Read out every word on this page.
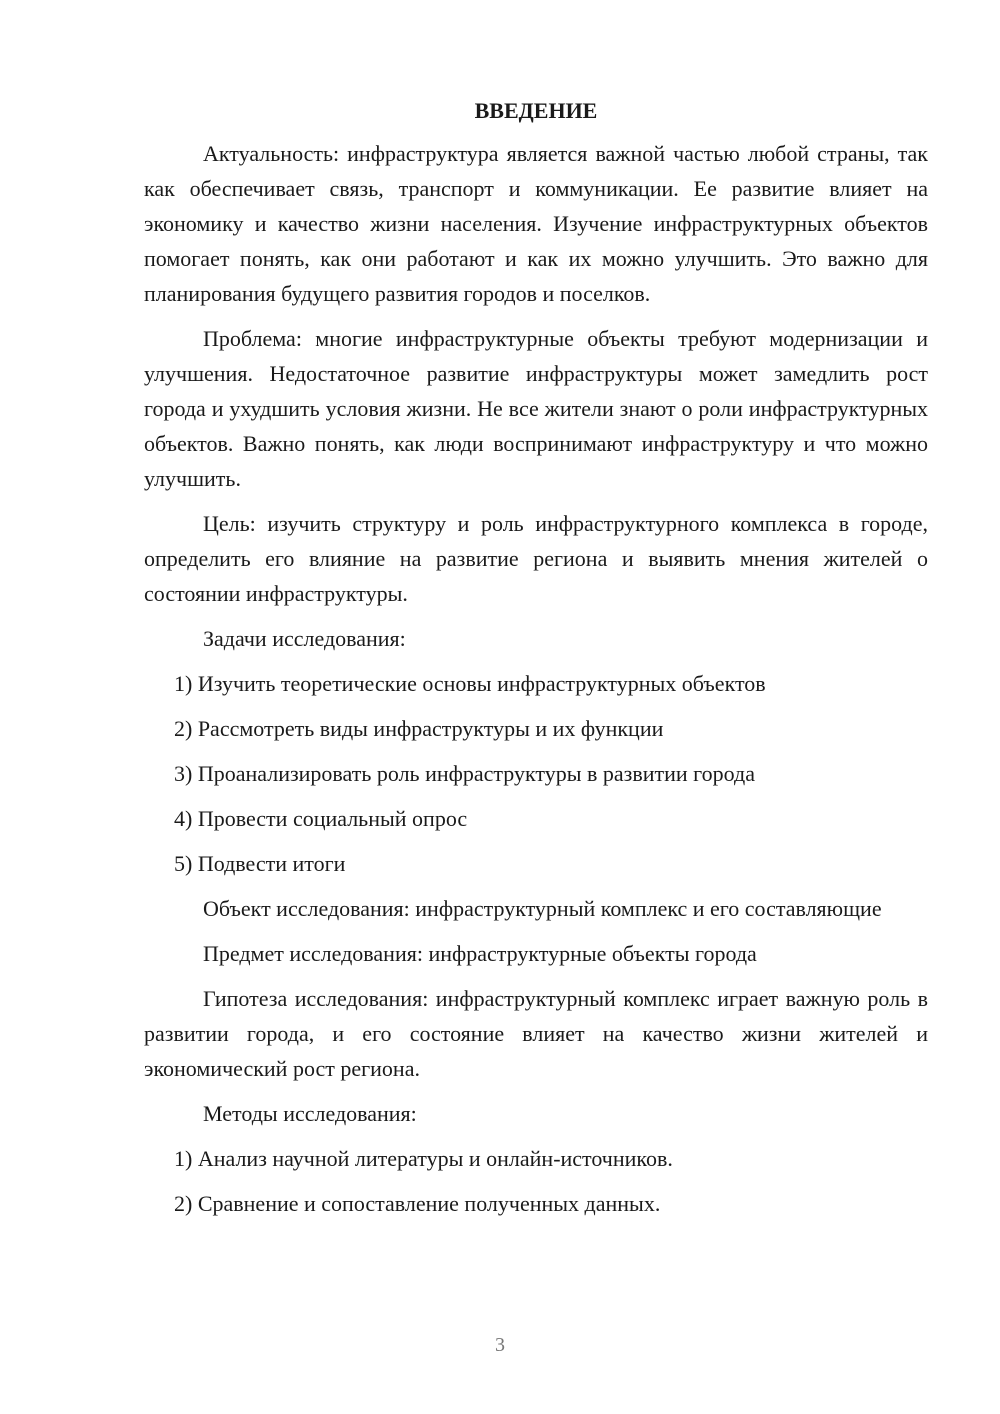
ВВЕДЕНИЕ

Актуальность: инфраструктура является важной частью любой страны, так как обеспечивает связь, транспорт и коммуникации. Ее развитие влияет на экономику и качество жизни населения. Изучение инфраструктурных объектов помогает понять, как они работают и как их можно улучшить. Это важно для планирования будущего развития городов и поселков.

Проблема: многие инфраструктурные объекты требуют модернизации и улучшения. Недостаточное развитие инфраструктуры может замедлить рост города и ухудшить условия жизни. Не все жители знают о роли инфраструктурных объектов. Важно понять, как люди воспринимают инфраструктуру и что можно улучшить.

Цель: изучить структуру и роль инфраструктурного комплекса в городе, определить его влияние на развитие региона и выявить мнения жителей о состоянии инфраструктуры.

Задачи исследования:

1) Изучить теоретические основы инфраструктурных объектов
2) Рассмотреть виды инфраструктуры и их функции
3) Проанализировать роль инфраструктуры в развитии города
4) Провести социальный опрос
5) Подвести итоги

Объект исследования: инфраструктурный комплекс и его составляющие

Предмет исследования: инфраструктурные объекты города

Гипотеза исследования: инфраструктурный комплекс играет важную роль в развитии города, и его состояние влияет на качество жизни жителей и экономический рост региона.

Методы исследования:

1) Анализ научной литературы и онлайн-источников.
2) Сравнение и сопоставление полученных данных.
3
